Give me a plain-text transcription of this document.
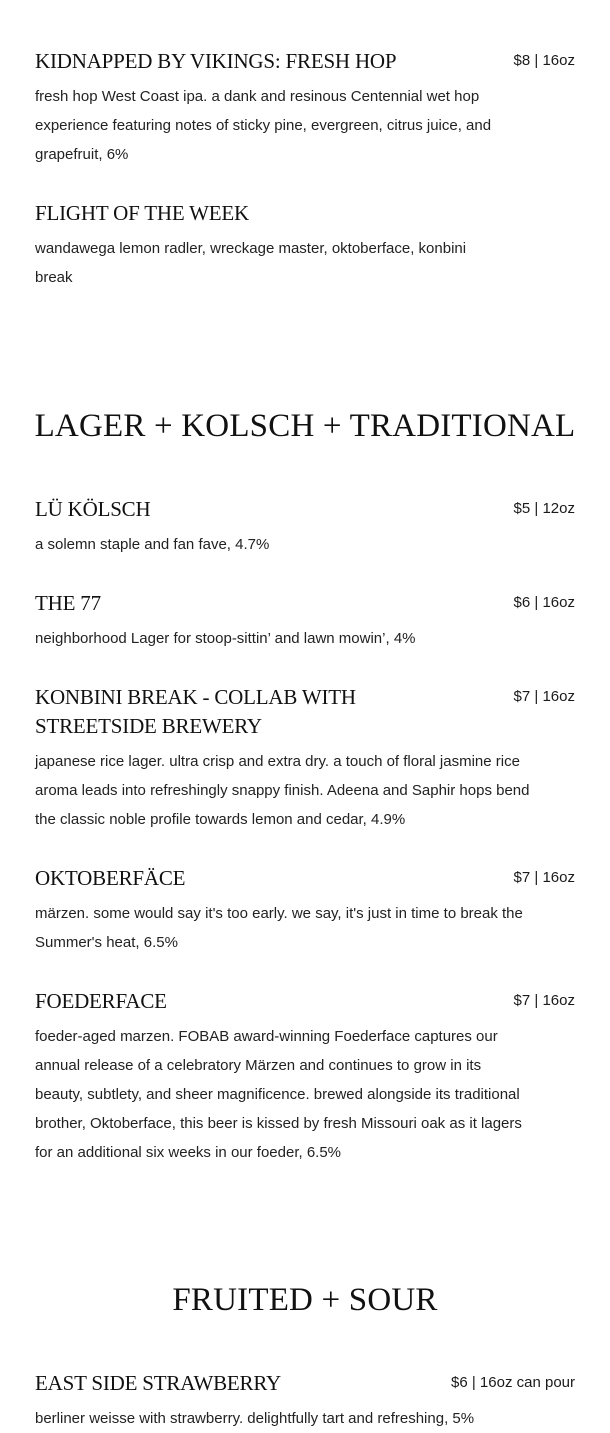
KIDNAPPED BY VIKINGS: FRESH HOP	$8 | 16oz

fresh hop West Coast ipa. a dank and resinous Centennial wet hop experience featuring notes of sticky pine, evergreen, citrus juice, and grapefruit, 6%

FLIGHT OF THE WEEK

wandawega lemon radler, wreckage master, oktoberface, konbini break

LAGER + KOLSCH + TRADITIONAL
LÜ KÖLSCH	$5 | 12oz

a solemn staple and fan fave, 4.7%

THE 77	$6 | 16oz

neighborhood Lager for stoop-sittin’ and lawn mowin’, 4%

KONBINI BREAK - COLLAB WITH STREETSIDE BREWERY
$7 | 16oz

japanese rice lager. ultra crisp and extra dry. a touch of floral jasmine rice aroma leads into refreshingly snappy finish. Adeena and Saphir hops bend the classic noble profile towards lemon and cedar, 4.9%

OKTOBERFÄCE	$7 | 16oz

märzen. some would say it's too early. we say, it's just in time to break the Summer's heat, 6.5%

FOEDERFACE	$7 | 16oz

foeder-aged marzen. FOBAB award-winning Foederface captures our annual release of a celebratory Märzen and continues to grow in its beauty, subtlety, and sheer magnificence. brewed alongside its traditional brother, Oktoberface, this beer is kissed by fresh Missouri oak as it lagers for an additional six weeks in our foeder, 6.5%

FRUITED + SOUR
EAST SIDE STRAWBERRY	$6 | 16oz can pour

berliner weisse with strawberry. delightfully tart and refreshing, 5%
